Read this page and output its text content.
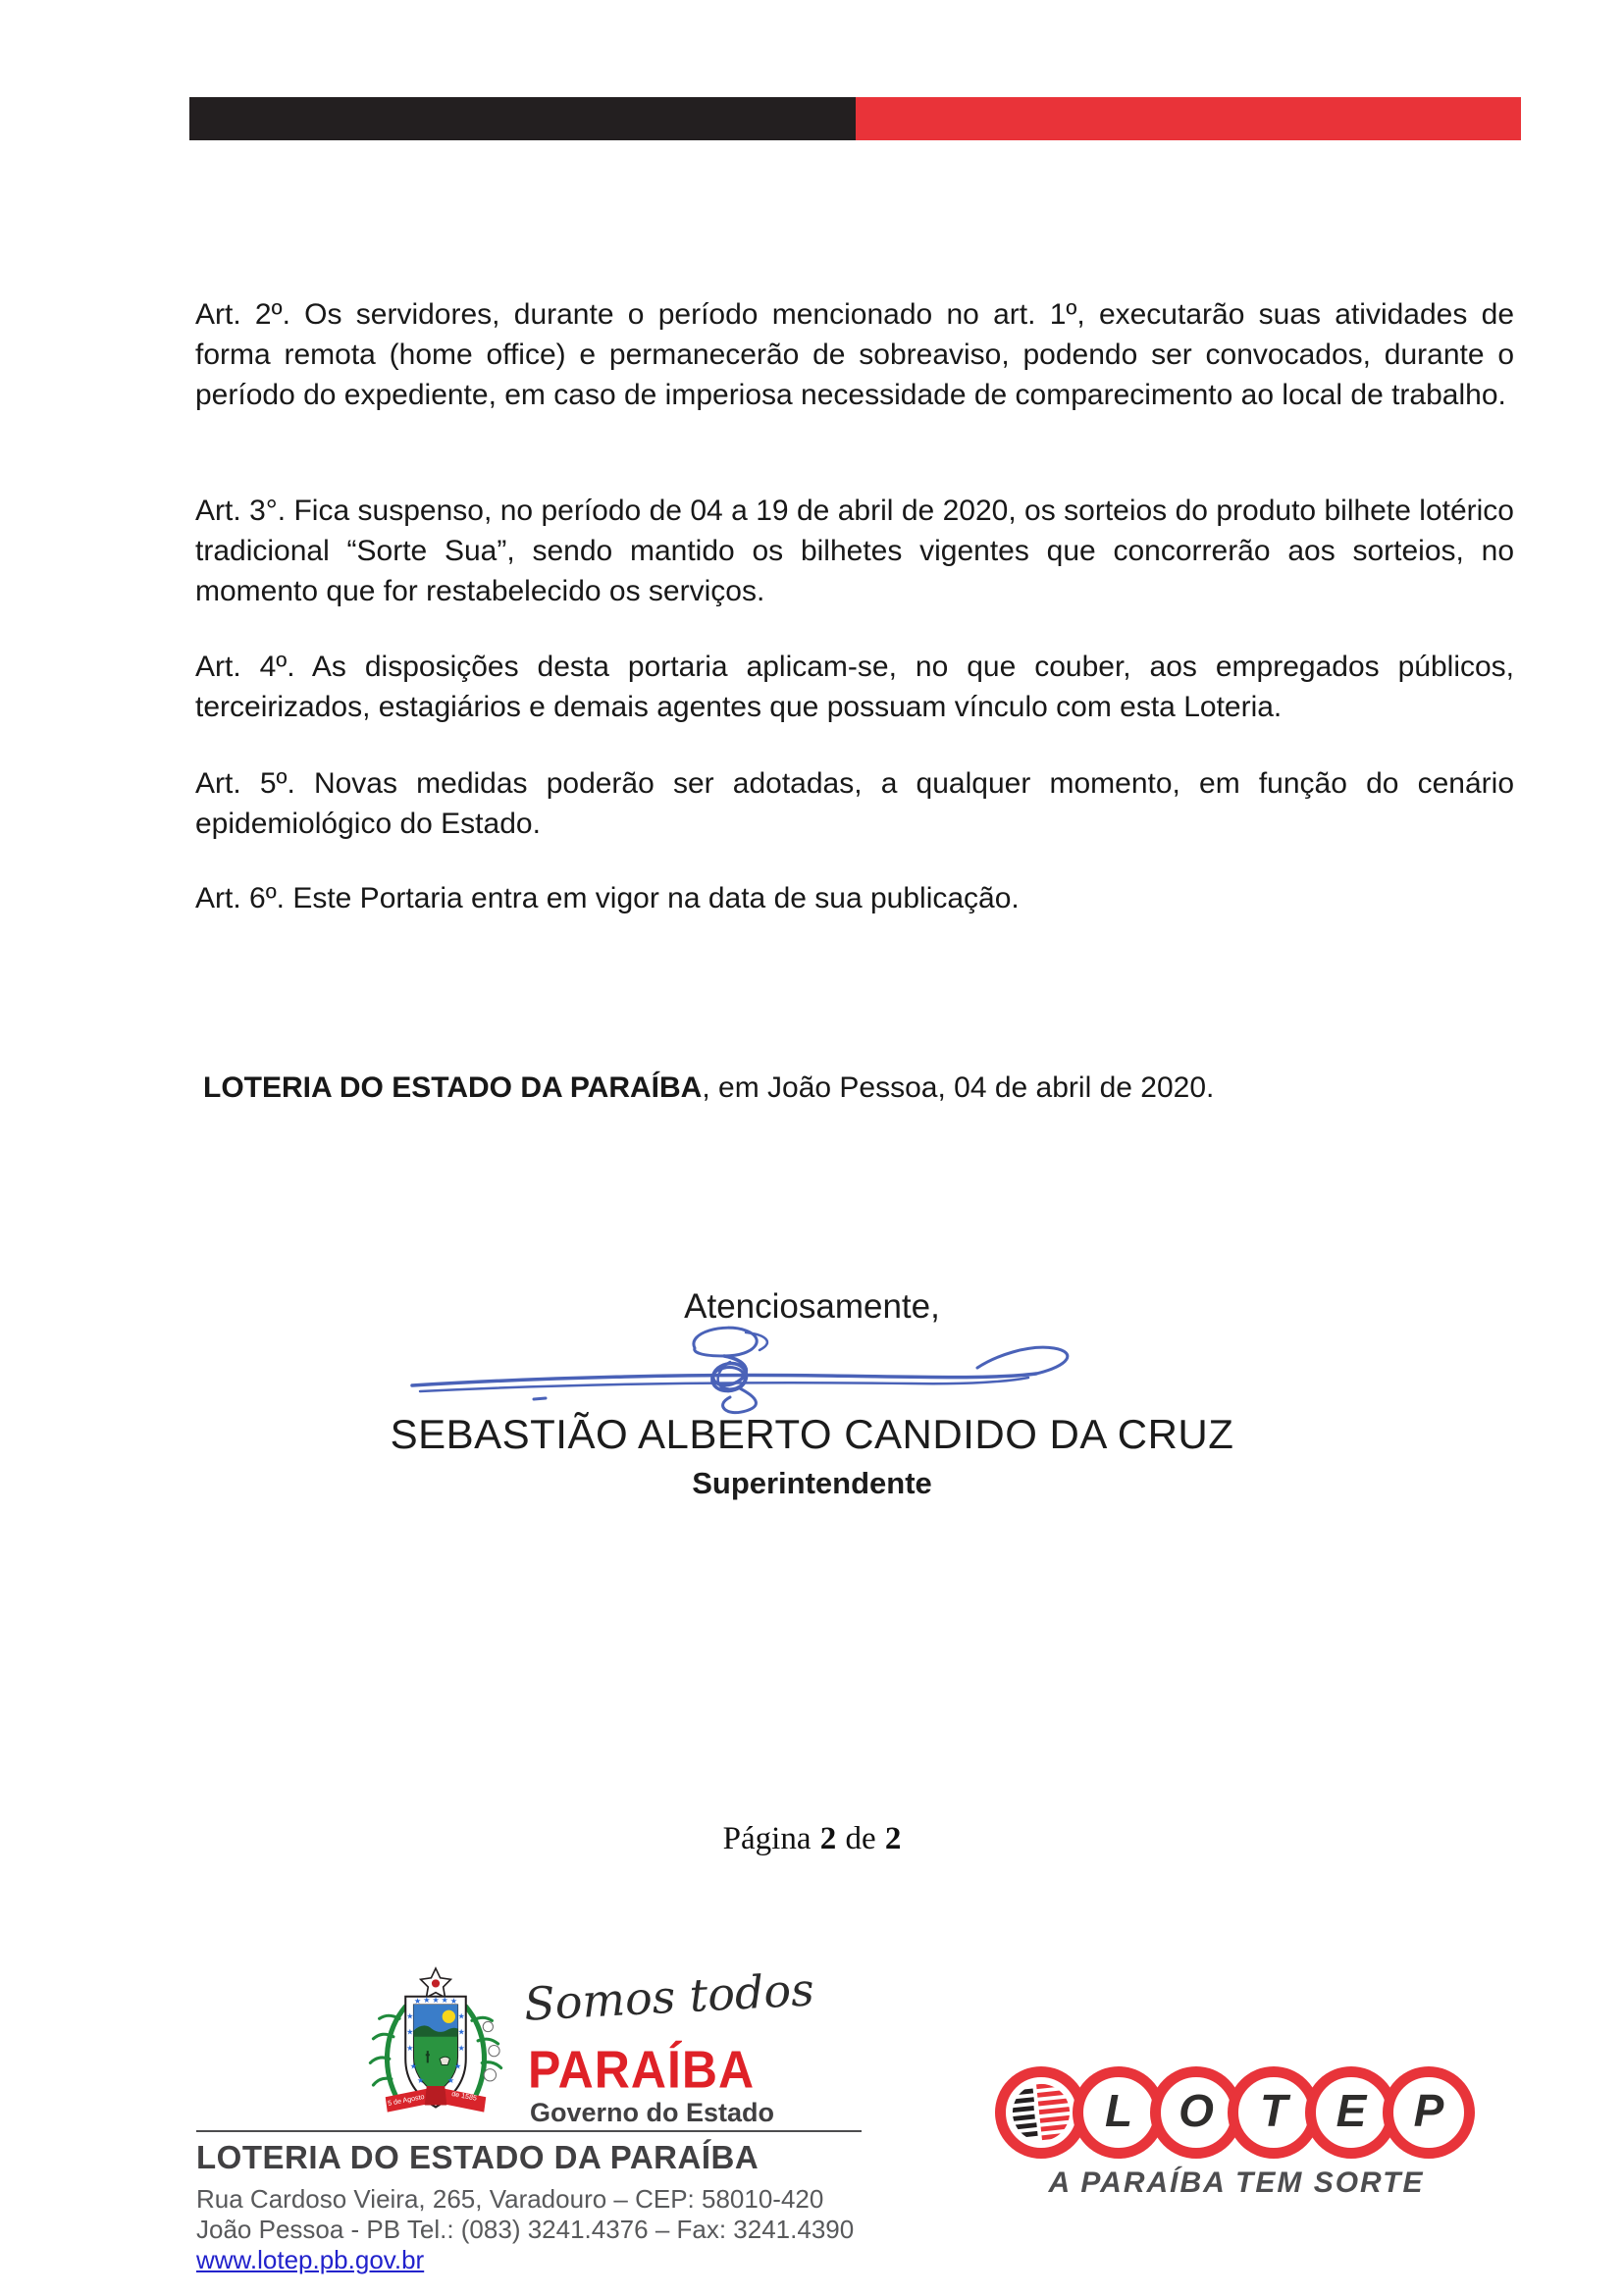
Art. 2º. Os servidores, durante o período mencionado no art. 1º, executarão suas atividades de forma remota (home office) e permanecerão de sobreaviso, podendo ser convocados, durante o período do expediente, em caso de imperiosa necessidade de comparecimento ao local de trabalho.

Art. 3°. Fica suspenso, no período de 04 a 19 de abril de 2020, os sorteios do produto bilhete lotérico tradicional “Sorte Sua”, sendo mantido os bilhetes vigentes que concorrerão aos sorteios, no momento que for restabelecido os serviços.

Art. 4º. As disposições desta portaria aplicam-se, no que couber, aos empregados públicos, terceirizados, estagiários e demais agentes que possuam vínculo com esta Loteria.

Art. 5º. Novas medidas poderão ser adotadas, a qualquer momento, em função do cenário epidemiológico do Estado.

Art. 6º. Este Portaria entra em vigor na data de sua publicação.

LOTERIA DO ESTADO DA PARAÍBA, em João Pessoa, 04 de abril de 2020.

Atenciosamente,
SEBASTIÃO ALBERTO CANDIDO DA CRUZ
Superintendente
Página 2 de 2
★ ★ ★ ★ ★
★
★
★
★
★
★
★	★
★	★
5 de Agosto	de 1585
Somos todos
PARAÍBA
Governo do Estado
LOTERIA DO ESTADO DA PARAÍBA
Rua Cardoso Vieira, 265, Varadouro – CEP: 58010-420
João Pessoa - PB Tel.: (083) 3241.4376 – Fax: 3241.4390
www.lotep.pb.gov.br
L O T E P
A PARAÍBA TEM SORTE
